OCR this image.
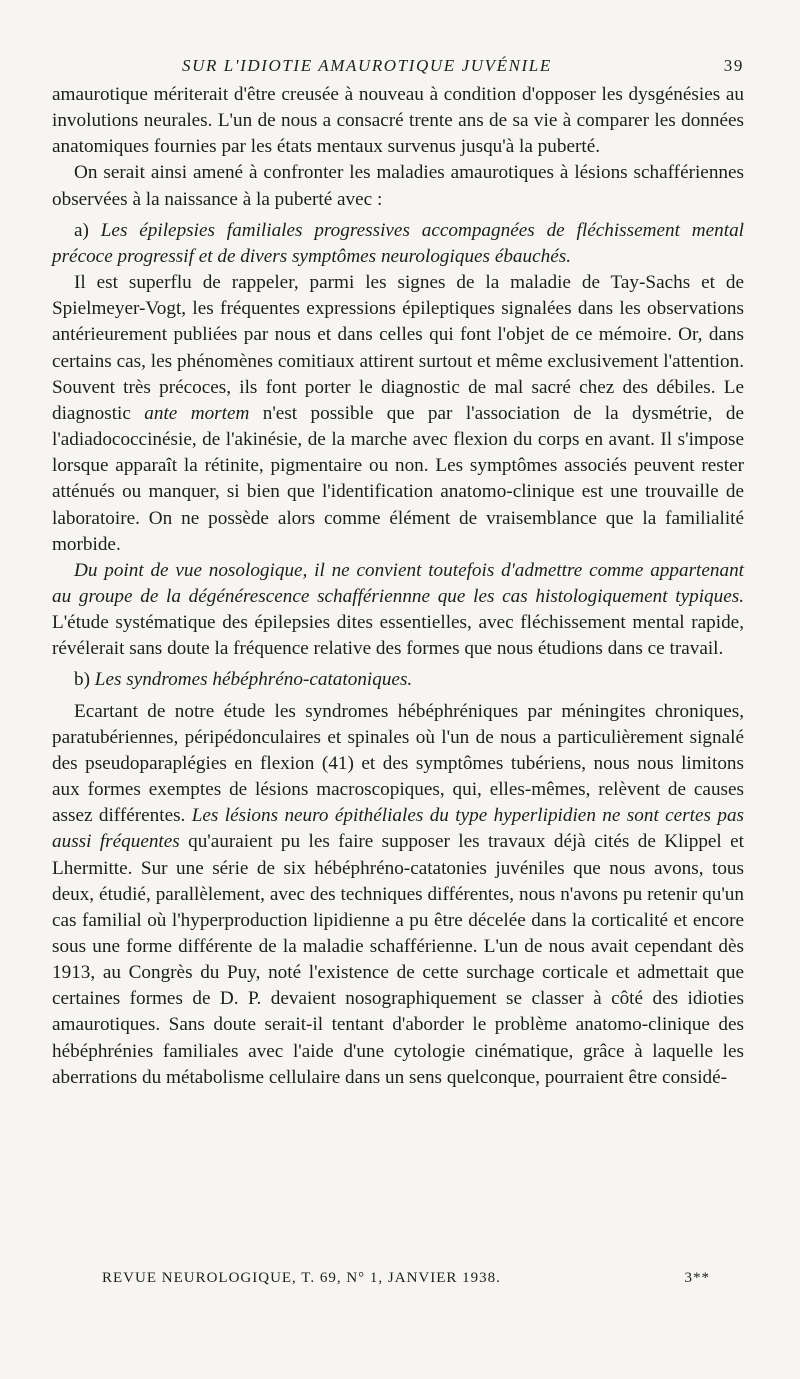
SUR L'IDIOTIE AMAUROTIQUE JUVÉNILE	39

amaurotique mériterait d'être creusée à nouveau à condition d'opposer les dysgénésies au involutions neurales. L'un de nous a consacré trente ans de sa vie à comparer les données anatomiques fournies par les états mentaux survenus jusqu'à la puberté.

On serait ainsi amené à confronter les maladies amaurotiques à lésions schaffériennes observées à la naissance à la puberté avec :

a) Les épilepsies familiales progressives accompagnées de fléchissement mental précoce progressif et de divers symptômes neurologiques ébauchés.

Il est superflu de rappeler, parmi les signes de la maladie de Tay-Sachs et de Spielmeyer-Vogt, les fréquentes expressions épileptiques signalées dans les observations antérieurement publiées par nous et dans celles qui font l'objet de ce mémoire. Or, dans certains cas, les phénomènes comitiaux attirent surtout et même exclusivement l'attention. Souvent très précoces, ils font porter le diagnostic de mal sacré chez des débiles. Le diagnostic ante mortem n'est possible que par l'association de la dysmétrie, de l'adiadococcinésie, de l'akinésie, de la marche avec flexion du corps en avant. Il s'impose lorsque apparaît la rétinite, pigmentaire ou non. Les symptômes associés peuvent rester atténués ou manquer, si bien que l'identification anatomo-clinique est une trouvaille de laboratoire. On ne possède alors comme élément de vraisemblance que la familialité morbide.

Du point de vue nosologique, il ne convient toutefois d'admettre comme appartenant au groupe de la dégénérescence schaffériennne que les cas histologiquement typiques. L'étude systématique des épilepsies dites essentielles, avec fléchissement mental rapide, révélerait sans doute la fréquence relative des formes que nous étudions dans ce travail.

b) Les syndromes hébéphréno-catatoniques.

Ecartant de notre étude les syndromes hébéphréniques par méningites chroniques, paratubériennes, péripédonculaires et spinales où l'un de nous a particulièrement signalé des pseudoparaplégies en flexion (41) et des symptômes tubériens, nous nous limitons aux formes exemptes de lésions macroscopiques, qui, elles-mêmes, relèvent de causes assez différentes. Les lésions neuro épithéliales du type hyperlipidien ne sont certes pas aussi fréquentes qu'auraient pu les faire supposer les travaux déjà cités de Klippel et Lhermitte. Sur une série de six hébéphréno-catatonies juvéniles que nous avons, tous deux, étudié, parallèlement, avec des techniques différentes, nous n'avons pu retenir qu'un cas familial où l'hyperproduction lipidienne a pu être décelée dans la corticalité et encore sous une forme différente de la maladie schafférienne. L'un de nous avait cependant dès 1913, au Congrès du Puy, noté l'existence de cette surchage corticale et admettait que certaines formes de D. P. devaient nosographiquement se classer à côté des idioties amaurotiques. Sans doute serait-il tentant d'aborder le problème anatomo-clinique des hébéphrénies familiales avec l'aide d'une cytologie cinématique, grâce à laquelle les aberrations du métabolisme cellulaire dans un sens quelconque, pourraient être considé-

REVUE NEUROLOGIQUE, T. 69, N° 1, JANVIER 1938.	3**
